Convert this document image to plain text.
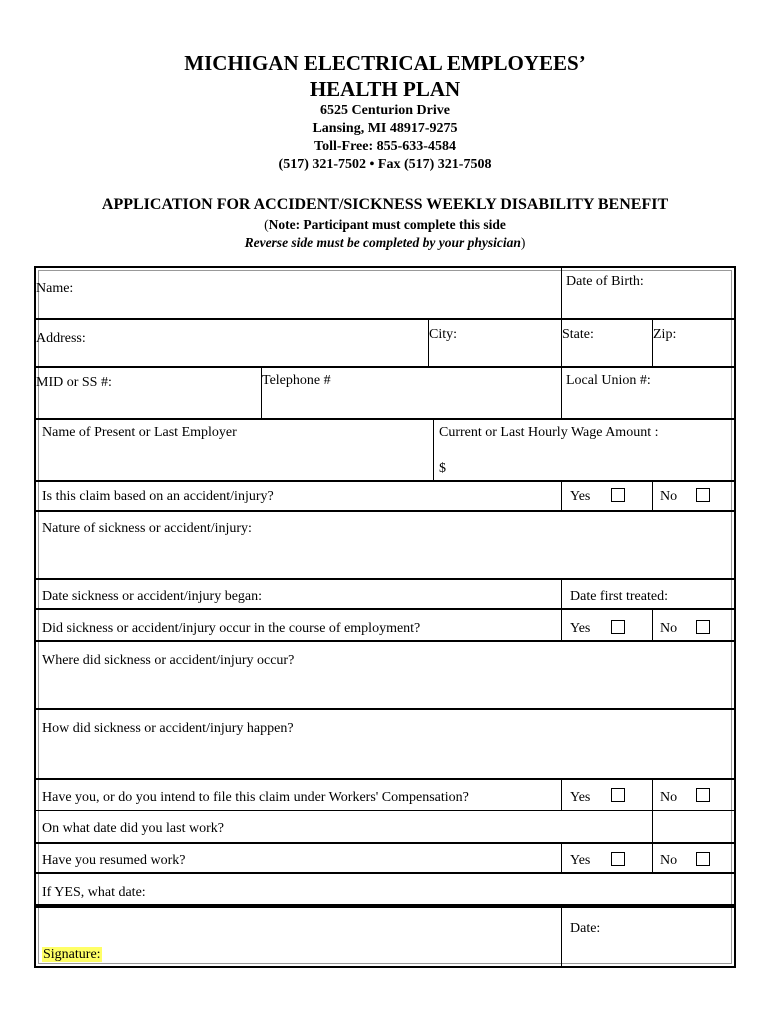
MICHIGAN ELECTRICAL EMPLOYEES’
HEALTH PLAN
6525 Centurion Drive
Lansing, MI 48917-9275
Toll-Free: 855-633-4584
(517) 321-7502 • Fax (517) 321-7508
APPLICATION FOR ACCIDENT/SICKNESS WEEKLY DISABILITY BENEFIT
(Note: Participant must complete this side
Reverse side must be completed by your physician)
Name:	Date of Birth:
Address:	City:	State:	Zip:
MID or SS #:	Telephone #	Local Union #:
Name of Present or Last Employer	Current or Last Hourly Wage Amount :
$
Is this claim based on an accident/injury?	Yes	No
Nature of sickness or accident/injury:
Date sickness or accident/injury began:	Date first treated:
Did sickness or accident/injury occur in the course of employment?	Yes	No
Where did sickness or accident/injury occur?
How did sickness or accident/injury happen?
Have you, or do you intend to file this claim under Workers' Compensation?	Yes	No
On what date did you last work?
Have you resumed work?	Yes	No
If YES, what date:
Signature:
Date:
